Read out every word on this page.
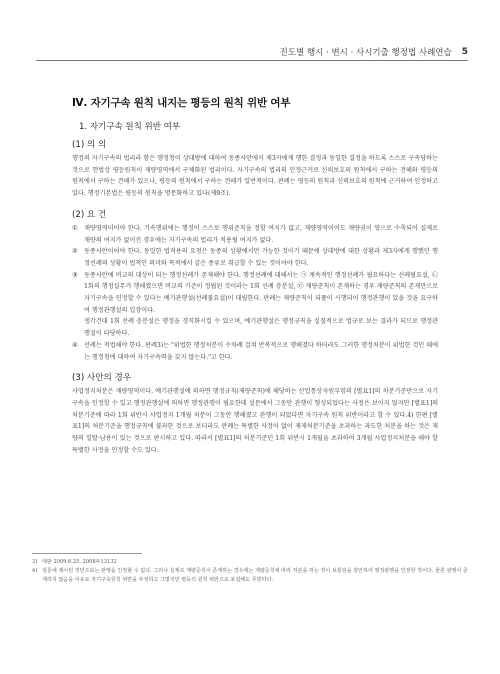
진도별 행시 · 변시 · 사시기출 행정법 사례연습 5

Ⅳ. 자기구속 원칙 내지는 평등의 원칙 위반 여부

1. 자기구속 원칙 위반 여부

(1) 의 의

행정의 자기구속의 법리라 함은 행정청이 상대방에 대하여 동종사안에서 제3자에게 행한 결정과 동일한 결정을 하도록 스스로 구속당하는 것으로 헌법상 평등원칙이 재량영역에서 구체화된 법리이다. 자기구속의 법리의 인정근거로 신뢰보호의 원칙에서 구하는 견해와 평등의 원칙에서 구하는 견해가 있으나, 평등의 원칙에서 구하는 견해가 일반적이다. 판례는 평등의 원칙과 신뢰보호의 원칙에 근거하여 인정하고 있다. 행정기본법은 평등의 원칙을 명문화하고 있다(제9조).

(2) 요 건

①	재량영역이어야 한다. 기속행위에는 행정이 스스로 행위준칙을 정할 여지가 없고, 재량영역이어도 재량권이 영으로 수축되어 실제로 재량의 여지가 없어진 경우에는 자기구속의 법리가 적용될 여지가 없다.

②	동종사안이어야 한다. 동일한 법적용의 요청은 동종의 상황에서만 가능한 것이기 때문에 상대방에 대한 상황과 제3자에게 행했던 행정선례의 상황이 법적인 의미와 목적에서 같은 종류로 취급할 수 있는 것이어야 한다.

③	동종사안에 비교의 대상이 되는 행정선례가 존재해야 한다. 행정선례에 대해서는 ㉠ 계속적인 행정선례가 필요하다는 선례필요설, ㉡ 1회의 행정실무가 행해졌으면 비교의 기준이 정립된 것이라는 1회 선례 충분설, ㉢ 재량준칙이 존재하는 경우 재량준칙의 존재만으로 자기구속을 인정할 수 있다는 예기관행설(선례불요설)이 대립한다. 판례는 재량준칙이 되풀이 시행되어 행정관행이 있을 것을 요구하여 행정관행설의 입장이다.

생각건대 1회 선례 충분설은 행정을 경직화시킬 수 있으며, 예기관행설은 행정규칙을 실질적으로 법규로 보는 결과가 되므로 행정관행설이 타당하다.

④	선례는 적법해야 한다. 판례3)는 "위법한 행정처분이 수차례 걸쳐 반복적으로 행해졌다 하더라도 그러한 행정처분이 위법한 것인 때에는 행정청에 대하여 자기구속력을 갖지 않는다."고 한다.

(3) 사안의 경우

사업정지처분은 재량영역이다. 예기관행설에 의하면 행정규칙(재량준칙)에 해당하는 산업통상자원부령의 [별표1]의 처분기준만으로 자기구속을 인정할 수 있고 행정관행설에 의하면 행정관행이 필요한데 설문에서 그동안 관행이 형성되었다는 사정은 보이지 않지만 [별표1]의 처분기준에 따라 1회 위반시 사업정지 1개월 처분이 그동안 행해졌고 관행이 되었다면 자기구속 원칙 위반이라고 할 수 있다.4) 한편 [별표1]의 처분기준을 행정규칙에 불과한 것으로 보더라도 판례는 특별한 사정이 없이 재재처분기준을 초과하는 과도한 처분을 하는 것은 재량의 일탈·남용이 있는 것으로 판시하고 있다. 따라서 [별표1]의 처분기준인 1회 위반시 1개월을 초과하여 3개월 사업정지처분을 해야 할 특별한 사정을 인정할 수도 있다.

3) 대판 2009.6.25. 2008두13132
4) 설문에 제시된 것만으로는 관행을 인정할 수 없다. 그러나 실제로 재량준칙이 존재하는 경우에는 재량준칙에 따라 처분을 하는 것이 보통임을 감안하여 행정관행을 인정한 것이다. 물론 관행이 존재하지 않음을 이유로 자기구속원칙 위반을 부정하고 그렇지만 평등의 원칙 위반으로 포섭해도 무방하다.
